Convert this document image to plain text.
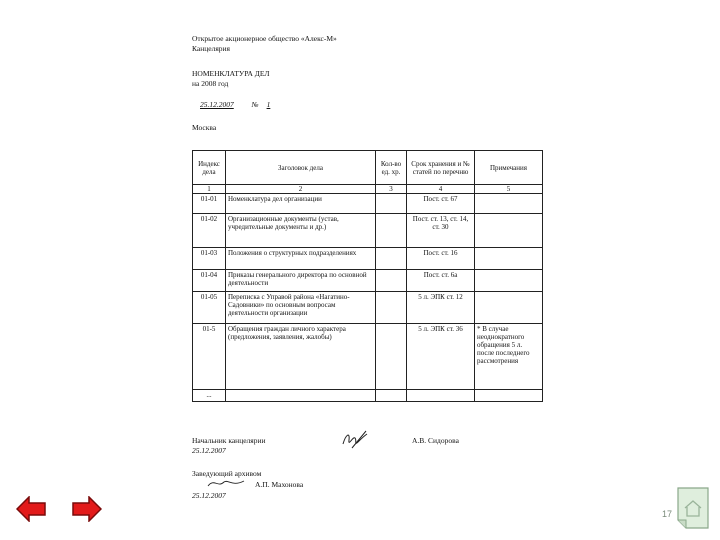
Открытое акционерное общество «Алекс-М»
Канцелярия
НОМЕНКЛАТУРА ДЕЛ
на 2008 год
25.12.2007 № 1
Москва
Индекс дела	Заголовок дела	Кол-во ед. хр.	Срок хранения и № статей по перечню	Примечания
1	2	3	4	5
01-01	Номенклатура дел организации		Пост. ст. 67	
01-02	Организационные документы (устав, учредительные документы и др.)		Пост. ст. 13, ст. 14, ст. 30	
01-03	Положения о структурных подразделениях		Пост. ст. 16	
01-04	Приказы генерального директора по основной деятельности		Пост. ст. 6а	
01-05	Переписка с Управой района «Нагатино-Садовники» по основным вопросам деятельности организации		5 л. ЭПК ст. 12	
01-5	Обращения граждан личного характера (предложения, заявления, жалобы)		5 л. ЭПК ст. 36	* В случае неоднократного обращения 5 л. после последнего рассмотрения
...				
Начальник канцелярии
25.12.2007
А.В. Сидорова
Заведующий архивом
А.П. Махонова
25.12.2007
17
